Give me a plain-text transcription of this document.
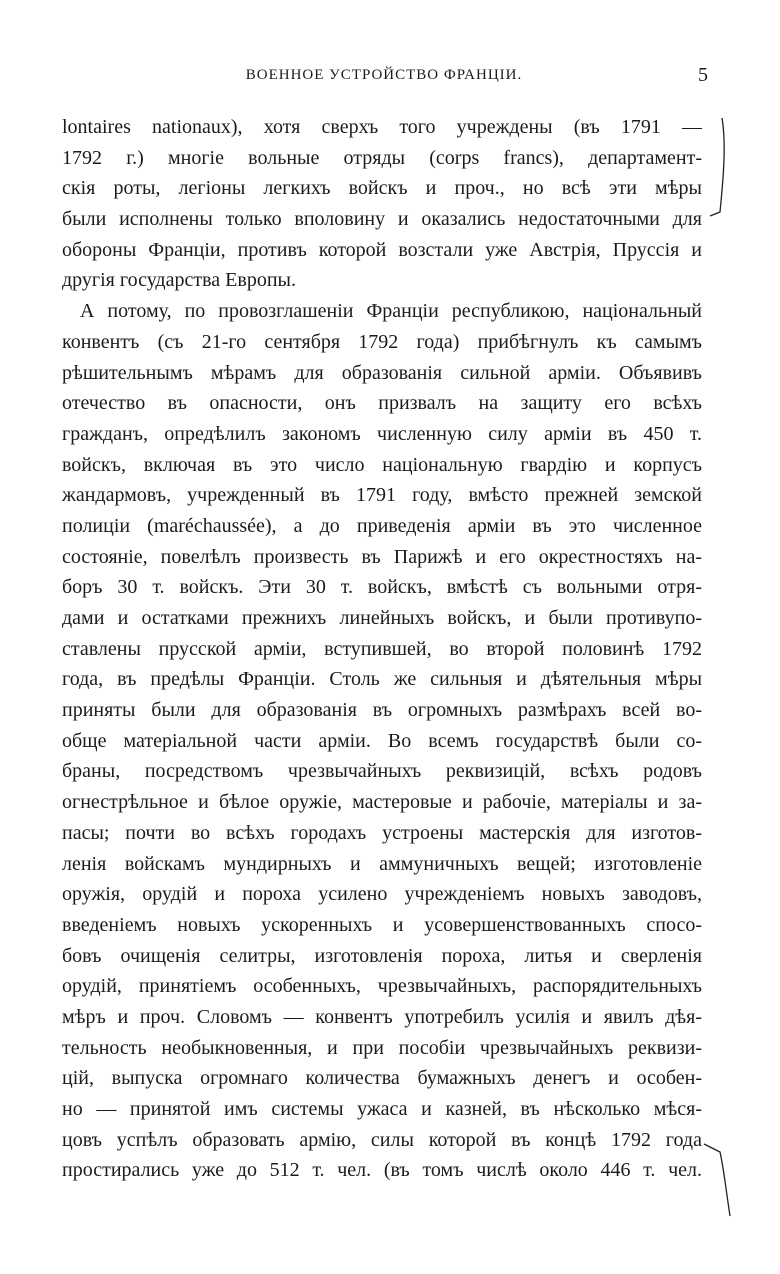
ВОЕННОЕ УСТРОЙСТВО ФРАНЦІИ.	5
lontaires nationaux), хотя сверхъ того учреждены (въ 1791 —
1792 г.) многіе вольные отряды (corps francs), департамент-
скія роты, легіоны легкихъ войскъ и проч., но всѣ эти мѣры
были исполнены только вполовину и оказались недостаточными для
обороны Франціи, противъ которой возстали уже Австрія, Пруссія и
другія государства Европы.
А потому, по провозглашеніи Франціи республикою, національный
конвентъ (съ 21-го сентября 1792 года) прибѣгнулъ къ самымъ
рѣшительнымъ мѣрамъ для образованія сильной арміи. Объявивъ
отечество въ опасности, онъ призвалъ на защиту его всѣхъ
гражданъ, опредѣлилъ закономъ численную силу арміи въ 450 т.
войскъ, включая въ это число національную гвардію и корпусъ
жандармовъ, учрежденный въ 1791 году, вмѣсто прежней земской
полиціи (maréchaussée), а до приведенія арміи въ это численное
состояніе, повелѣлъ произвесть въ Парижѣ и его окрестностяхъ на-
боръ 30 т. войскъ. Эти 30 т. войскъ, вмѣстѣ съ вольными отря-
дами и остатками прежнихъ линейныхъ войскъ, и были противупо-
ставлены прусской арміи, вступившей, во второй половинѣ 1792
года, въ предѣлы Франціи. Столь же сильныя и дѣятельныя мѣры
приняты были для образованія въ огромныхъ размѣрахъ всей во-
обще матеріальной части арміи. Во всемъ государствѣ были со-
браны, посредствомъ чрезвычайныхъ реквизицій, всѣхъ родовъ
огнестрѣльное и бѣлое оружіе, мастеровые и рабочіе, матеріалы и за-
пасы; почти во всѣхъ городахъ устроены мастерскія для изготов-
ленія войскамъ мундирныхъ и аммуничныхъ вещей; изготовленіе
оружія, орудій и пороха усилено учрежденіемъ новыхъ заводовъ,
введеніемъ новыхъ ускоренныхъ и усовершенствованныхъ спосо-
бовъ очищенія селитры, изготовленія пороха, литья и сверленія
орудій, принятіемъ особенныхъ, чрезвычайныхъ, распорядительныхъ
мѣръ и проч. Словомъ — конвентъ употребилъ усилія и явилъ дѣя-
тельность необыкновенныя, и при пособіи чрезвычайныхъ реквизи-
цій, выпуска огромнаго количества бумажныхъ денегъ и особен-
но — принятой имъ системы ужаса и казней, въ нѣсколько мѣся-
цовъ успѣлъ образовать армію, силы которой въ концѣ 1792 года
простирались уже до 512 т. чел. (въ томъ числѣ около 446 т. чел.
